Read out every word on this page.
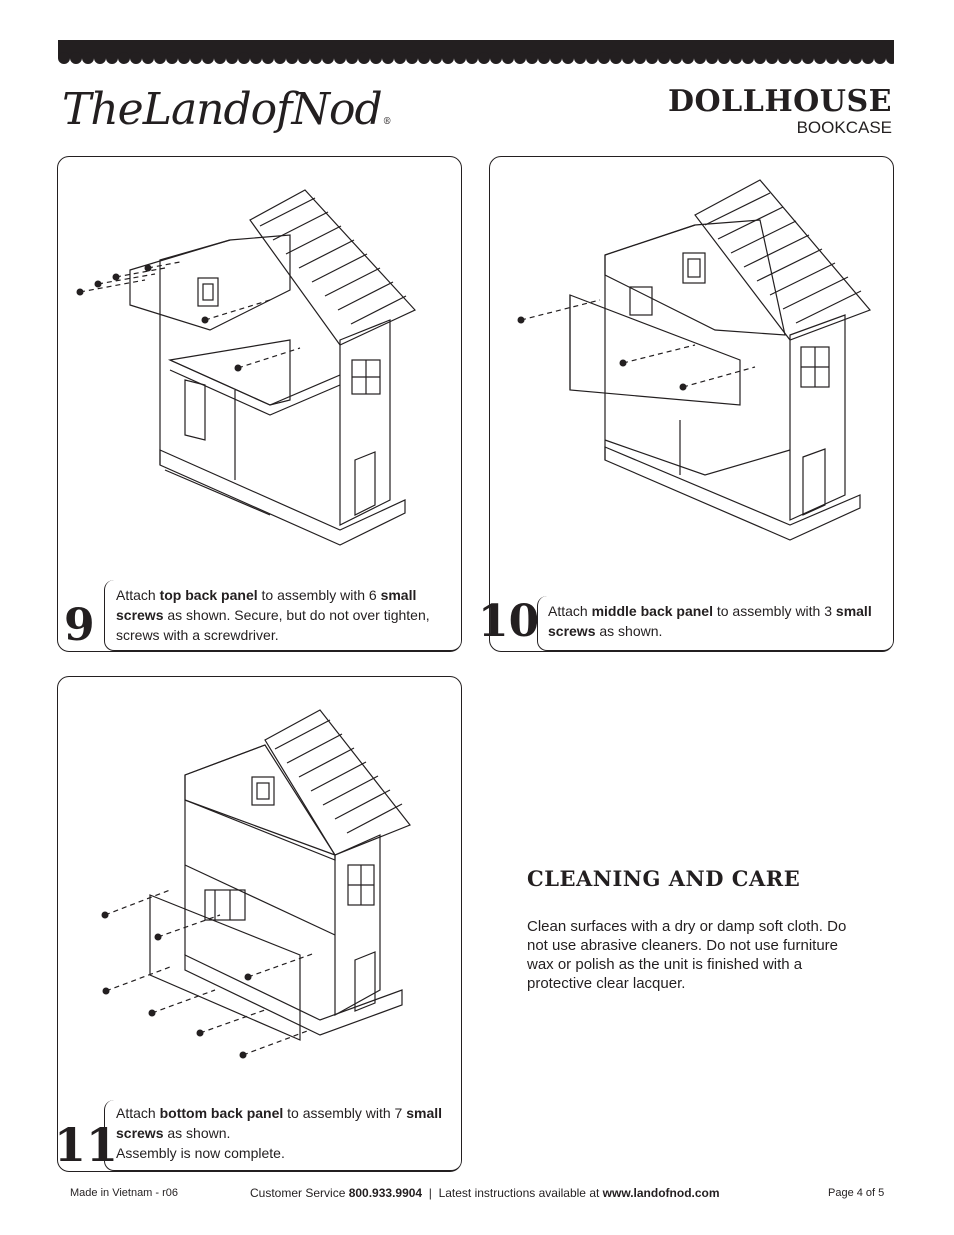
TheLandofNod®
DOLLHOUSE
BOOKCASE
9
Attach top back panel to assembly with 6 small screws as shown. Secure, but do not over tighten, screws with a screwdriver.	10 Attach middle back panel to assembly with 3 small screws as shown.
11
Attach bottom back panel to assembly with 7 small screws as shown.
Assembly is now complete.
CLEANING AND CARE
Clean surfaces with a dry or damp soft cloth. Do not use abrasive cleaners. Do not use furniture wax or polish as the unit is finished with a protective clear lacquer.
Made in Vietnam - r06	Customer Service 800.933.9904  |  Latest instructions available at www.landofnod.com	Page 4 of 5
